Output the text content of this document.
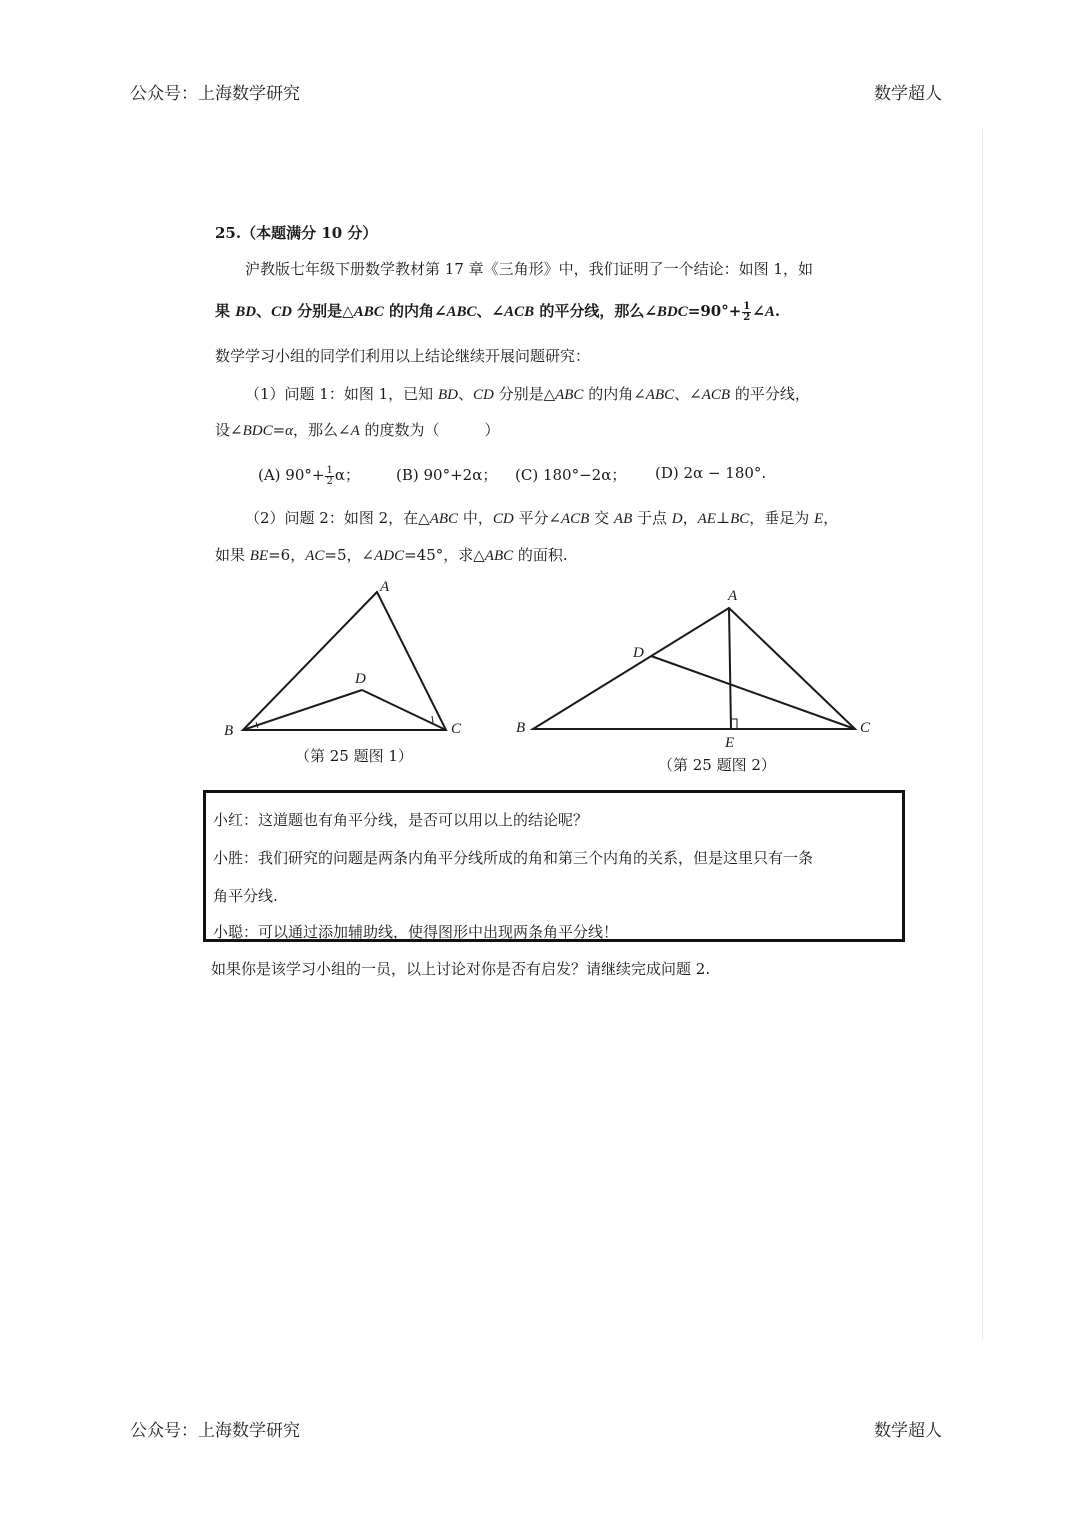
公众号：上海数学研究	数学超人
公众号：上海数学研究	数学超人
25.（本题满分 10 分）
沪教版七年级下册数学教材第 17 章《三角形》中，我们证明了一个结论：如图 1，如
果 BD、CD 分别是△ABC 的内角∠ABC、∠ACB 的平分线，那么∠BDC=90°+ $\frac{1}{2}$ ∠A.
数学学习小组的同学们利用以上结论继续开展问题研究：
（1）问题 1：如图 1，已知 BD、CD 分别是△ABC 的内角∠ABC、∠ACB 的平分线，
设∠BDC=α，那么∠A 的度数为（　　　）
(A) $90^\circ+ \frac{1}{2}$ α； (B) 90°+2α； (C) 180°−2α； (D) 2α − 180°.
（2）问题 2：如图 2，在△ABC 中，CD 平分∠ACB 交 AB 于点 D，AE⊥BC，垂足为 E，
如果 BE=6，AC=5，∠ADC=45°，求△ABC 的面积.
A
B	C
D
A
B	C
D
E
（第 25 题图 1）	（第 25 题图 2）
小红：这道题也有角平分线，是否可以用以上的结论呢？
小胜：我们研究的问题是两条内角平分线所成的角和第三个内角的关系，但是这里只有一条
角平分线.
小聪：可以通过添加辅助线，使得图形中出现两条角平分线！
如果你是该学习小组的一员，以上讨论对你是否有启发？请继续完成问题 2.
